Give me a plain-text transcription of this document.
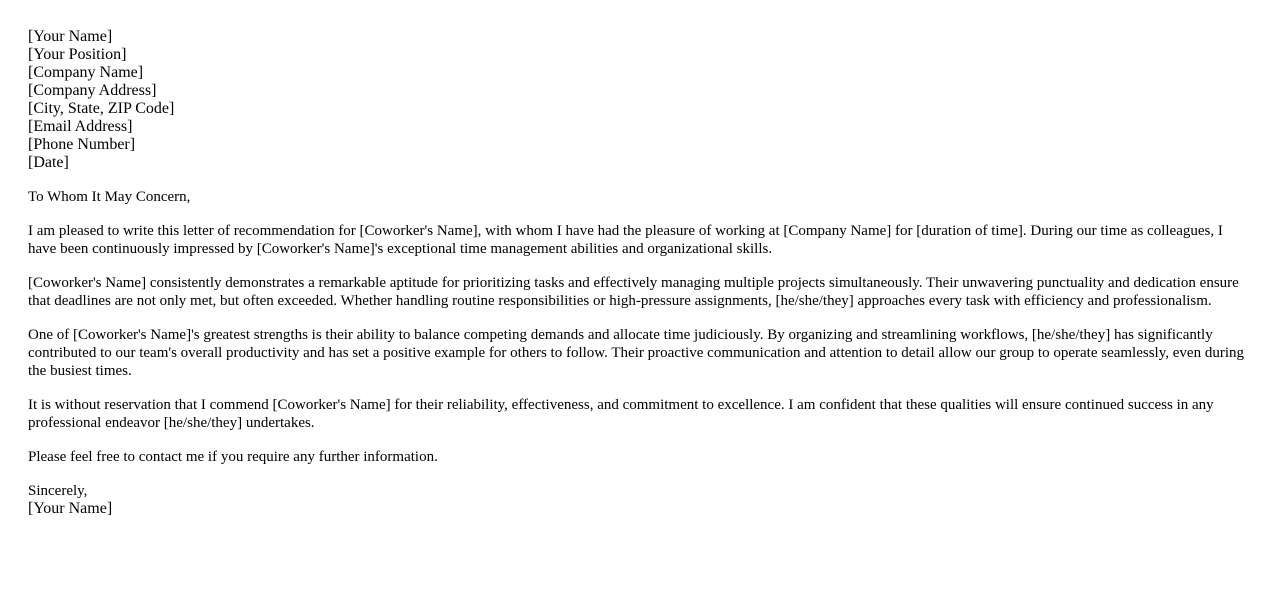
[Your Name]
[Your Position]
[Company Name]
[Company Address]
[City, State, ZIP Code]
[Email Address]
[Phone Number]
[Date]

To Whom It May Concern,

I am pleased to write this letter of recommendation for [Coworker's Name], with whom I have had the pleasure of working at [Company Name] for [duration of time]. During our time as colleagues, I have been continuously impressed by [Coworker's Name]'s exceptional time management abilities and organizational skills.

[Coworker's Name] consistently demonstrates a remarkable aptitude for prioritizing tasks and effectively managing multiple projects simultaneously. Their unwavering punctuality and dedication ensure that deadlines are not only met, but often exceeded. Whether handling routine responsibilities or high-pressure assignments, [he/she/they] approaches every task with efficiency and professionalism.

One of [Coworker's Name]'s greatest strengths is their ability to balance competing demands and allocate time judiciously. By organizing and streamlining workflows, [he/she/they] has significantly contributed to our team's overall productivity and has set a positive example for others to follow. Their proactive communication and attention to detail allow our group to operate seamlessly, even during the busiest times.

It is without reservation that I commend [Coworker's Name] for their reliability, effectiveness, and commitment to excellence. I am confident that these qualities will ensure continued success in any professional endeavor [he/she/they] undertakes.

Please feel free to contact me if you require any further information.

Sincerely,
[Your Name]
